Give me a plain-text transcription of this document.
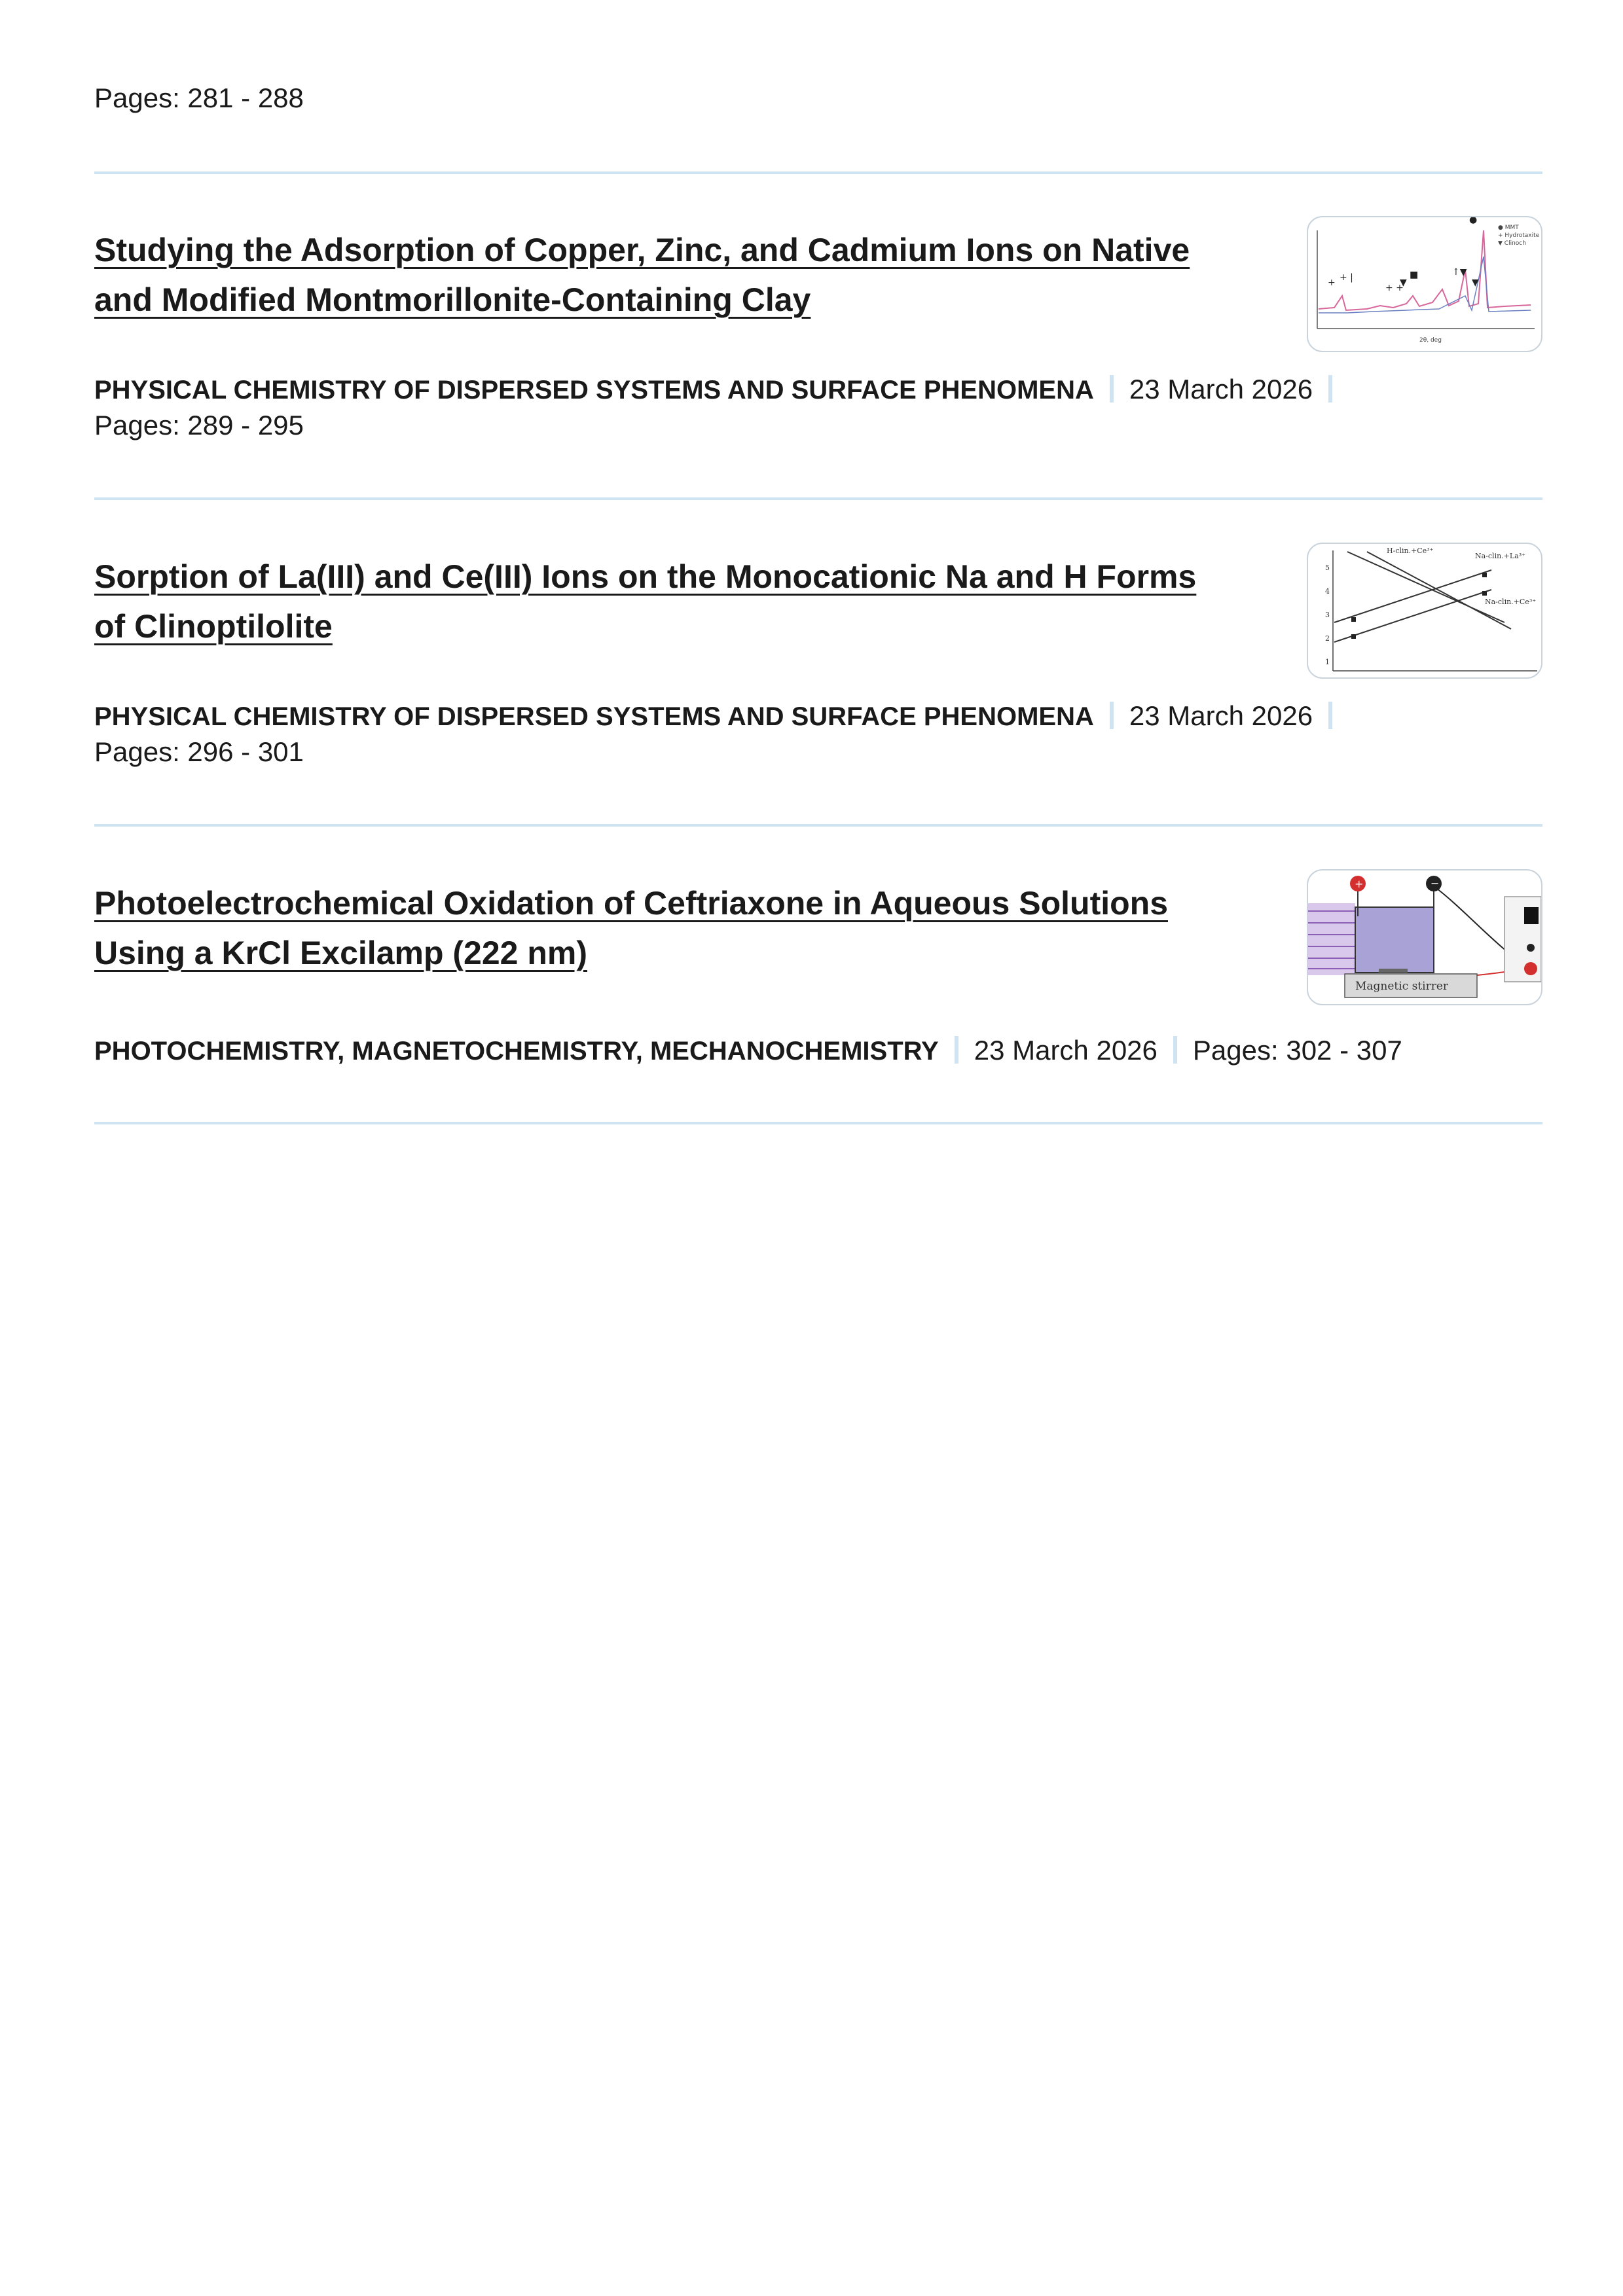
Pages: 281 - 288
Studying the Adsorption of Copper, Zinc, and Cadmium Ions on Native
and Modified Montmorillonite-Containing Clay	+ + |
+ +
▼
■	↑▼
▼
●
● MMT
+ Hydrotaxite
▼ Clinoch
2θ, deg
PHYSICAL CHEMISTRY OF DISPERSED SYSTEMS AND SURFACE PHENOMENA 23 March 2026
Pages: 289 - 295
Sorption of La(III) and Ce(III) Ions on the Monocationic Na and H Forms
of Clinoptilolite
H-clin.+Ce³⁺
Na-clin.+La³⁺
Na-clin.+Ce³⁺
5
4
3
2
1
PHYSICAL CHEMISTRY OF DISPERSED SYSTEMS AND SURFACE PHENOMENA 23 March 2026
Pages: 296 - 301
Photoelectrochemical Oxidation of Ceftriaxone in Aqueous Solutions
Using a KrCl Excilamp (222 nm)
+	−
Magnetic stirrer
PHOTOCHEMISTRY, MAGNETOCHEMISTRY, MECHANOCHEMISTRY 23 March 2026 Pages: 302 - 307
